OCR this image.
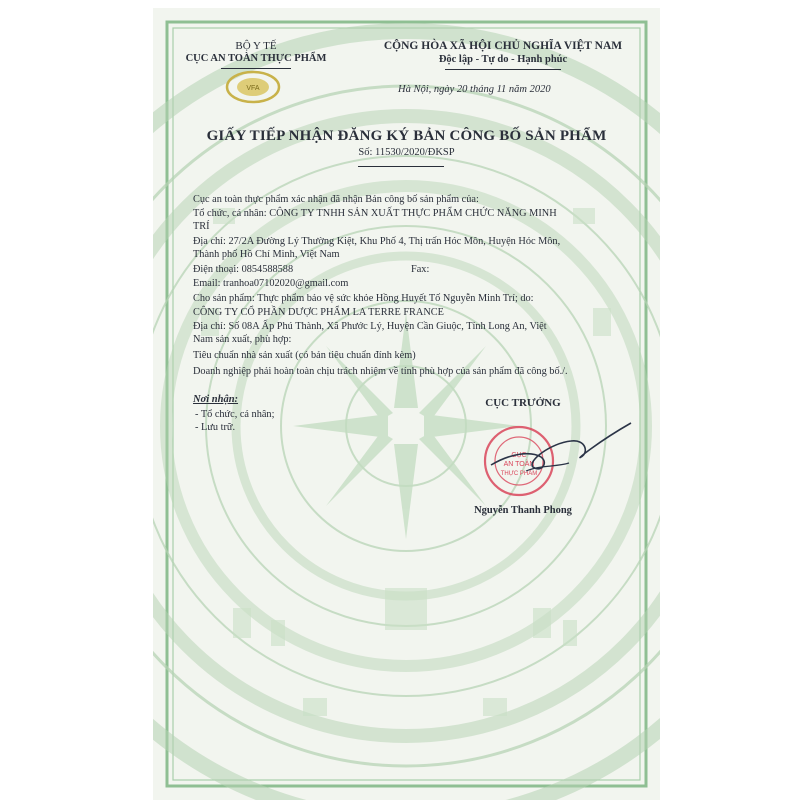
BỘ Y TẾ
CỤC AN TOÀN THỰC PHẨM
VFA
CỘNG HÒA XÃ HỘI CHỦ NGHĨA VIỆT NAM
Độc lập - Tự do - Hạnh phúc
Hà Nội, ngày 20 tháng 11 năm 2020
GIẤY TIẾP NHẬN ĐĂNG KÝ BẢN CÔNG BỐ SẢN PHẨM
Số: 11530/2020/ĐKSP
Cục an toàn thực phẩm xác nhận đã nhận Bản công bố sản phẩm của:
Tổ chức, cá nhân: CÔNG TY TNHH SẢN XUẤT THỰC PHẨM CHỨC NĂNG MINH
TRÍ
Địa chỉ: 27/2A Đường Lý Thường Kiệt, Khu Phố 4, Thị trấn Hóc Môn, Huyện Hóc Môn,
Thành phố Hồ Chí Minh, Việt Nam
Điện thoại: 0854588588	Fax:
Email: tranhoa07102020@gmail.com
Cho sản phẩm: Thực phẩm bảo vệ sức khỏe Hồng Huyết Tố Nguyễn Minh Trí; do:
CÔNG TY CỔ PHẦN DƯỢC PHẨM LA TERRE FRANCE
Địa chỉ: Số 08A Ấp Phú Thành, Xã Phước Lý, Huyện Cần Giuộc, Tỉnh Long An, Việt
Nam sản xuất, phù hợp:
Tiêu chuẩn nhà sản xuất (có bản tiêu chuẩn đính kèm)
Doanh nghiệp phải hoàn toàn chịu trách nhiệm về tính phù hợp của sản phẩm đã công bố./.
Nơi nhận:
- Tổ chức, cá nhân;
- Lưu trữ.
CỤC TRƯỞNG
CỤC
AN TOÀN
THỰC PHẨM
Nguyễn Thanh Phong
